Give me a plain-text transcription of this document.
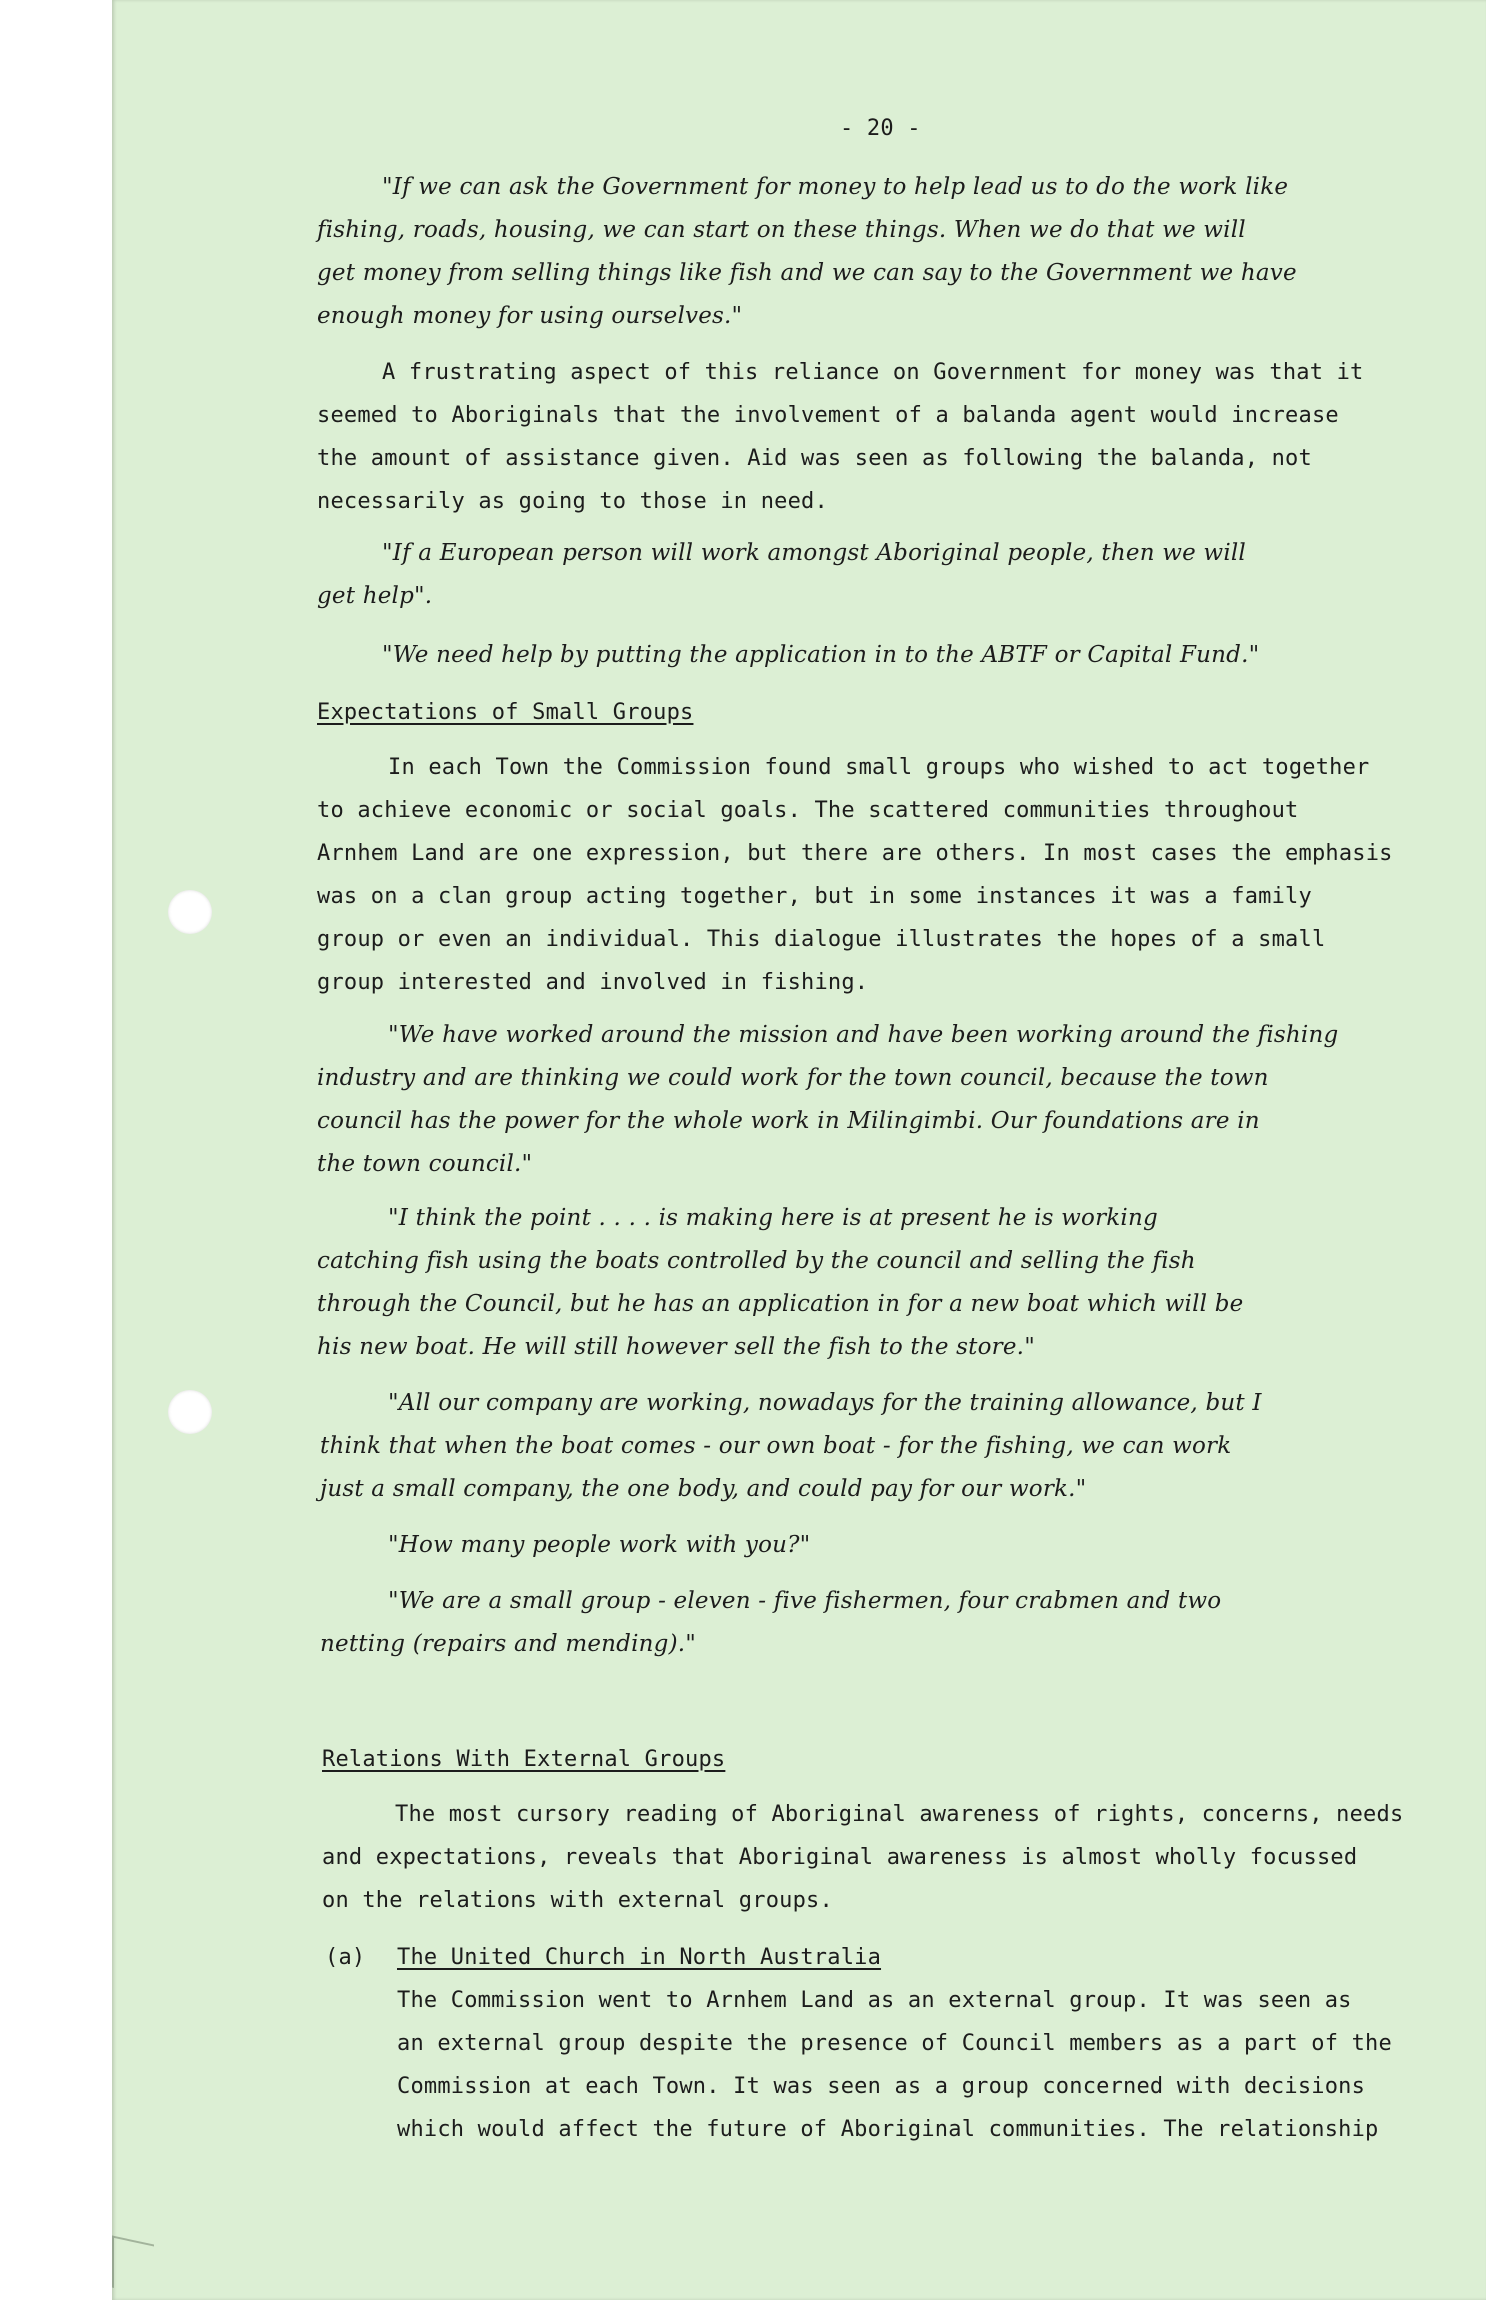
- 20 -
"If we can ask the Government for money to help lead us to do the work like
fishing, roads, housing, we can start on these things. When we do that we will
get money from selling things like fish and we can say to the Government we have
enough money for using ourselves."
A frustrating aspect of this reliance on Government for money was that it
seemed to Aboriginals that the involvement of a balanda agent would increase
the amount of assistance given. Aid was seen as following the balanda, not
necessarily as going to those in need.
"If a European person will work amongst Aboriginal people, then we will
get help".
"We need help by putting the application in to the ABTF or Capital Fund."
Expectations of Small Groups
In each Town the Commission found small groups who wished to act together
to achieve economic or social goals. The scattered communities throughout
Arnhem Land are one expression, but there are others. In most cases the emphasis
was on a clan group acting together, but in some instances it was a family
group or even an individual. This dialogue illustrates the hopes of a small
group interested and involved in fishing.
"We have worked around the mission and have been working around the fishing
industry and are thinking we could work for the town council, because the town
council has the power for the whole work in Milingimbi. Our foundations are in
the town council."
"I think the point . . . . is making here is at present he is working
catching fish using the boats controlled by the council and selling the fish
through the Council, but he has an application in for a new boat which will be
his new boat. He will still however sell the fish to the store."
"All our company are working, nowadays for the training allowance, but I
think that when the boat comes - our own boat - for the fishing, we can work
just a small company, the one body, and could pay for our work."
"How many people work with you?"
"We are a small group - eleven - five fishermen, four crabmen and two
netting (repairs and mending)."
Relations With External Groups
The most cursory reading of Aboriginal awareness of rights, concerns, needs
and expectations, reveals that Aboriginal awareness is almost wholly focussed
on the relations with external groups.
(a) The United Church in North Australia
The Commission went to Arnhem Land as an external group. It was seen as
an external group despite the presence of Council members as a part of the
Commission at each Town. It was seen as a group concerned with decisions
which would affect the future of Aboriginal communities. The relationship
